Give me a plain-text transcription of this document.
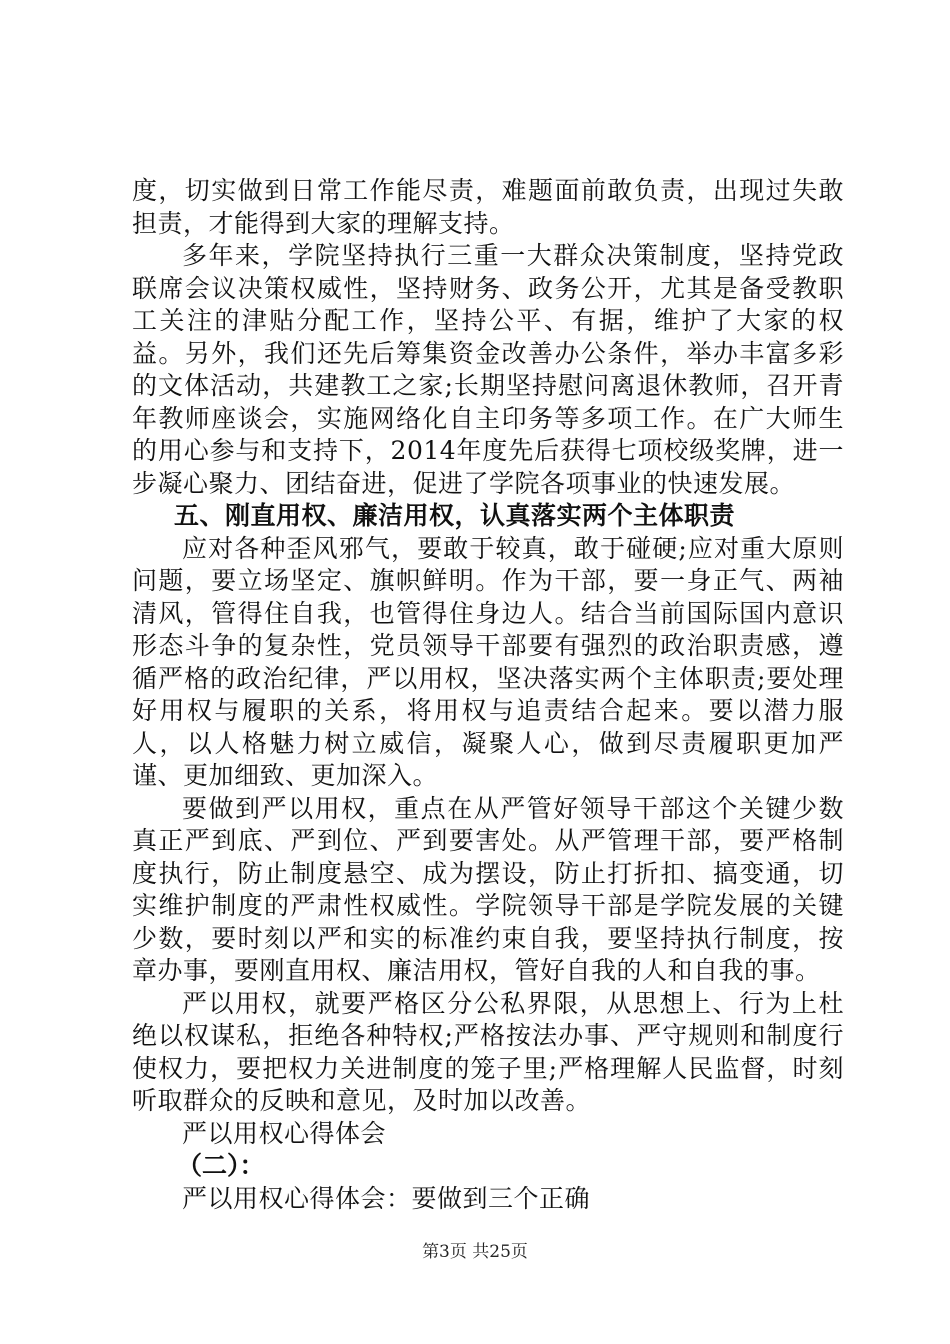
度，切实做到日常工作能尽责，难题面前敢负责，出现过失敢担责，才能得到大家的理解支持。

多年来，学院坚持执行三重一大群众决策制度，坚持党政联席会议决策权威性，坚持财务、政务公开，尤其是备受教职工关注的津贴分配工作，坚持公平、有据，维护了大家的权益。另外，我们还先后筹集资金改善办公条件，举办丰富多彩的文体活动，共建教工之家;长期坚持慰问离退休教师，召开青年教师座谈会，实施网络化自主印务等多项工作。在广大师生的用心参与和支持下，2014年度先后获得七项校级奖牌，进一步凝心聚力、团结奋进，促进了学院各项事业的快速发展。

五、刚直用权、廉洁用权，认真落实两个主体职责

应对各种歪风邪气，要敢于较真，敢于碰硬;应对重大原则问题，要立场坚定、旗帜鲜明。作为干部，要一身正气、两袖清风，管得住自我，也管得住身边人。结合当前国际国内意识形态斗争的复杂性，党员领导干部要有强烈的政治职责感，遵循严格的政治纪律，严以用权，坚决落实两个主体职责;要处理好用权与履职的关系，将用权与追责结合起来。要以潜力服人，以人格魅力树立威信，凝聚人心，做到尽责履职更加严谨、更加细致、更加深入。

要做到严以用权，重点在从严管好领导干部这个关键少数真正严到底、严到位、严到要害处。从严管理干部，要严格制度执行，防止制度悬空、成为摆设，防止打折扣、搞变通，切实维护制度的严肃性权威性。学院领导干部是学院发展的关键少数，要时刻以严和实的标准约束自我，要坚持执行制度，按章办事，要刚直用权、廉洁用权，管好自我的人和自我的事。

严以用权，就要严格区分公私界限，从思想上、行为上杜绝以权谋私，拒绝各种特权;严格按法办事、严守规则和制度行使权力，要把权力关进制度的笼子里;严格理解人民监督，时刻听取群众的反映和意见，及时加以改善。

严以用权心得体会

（二）：

严以用权心得体会：要做到三个正确

第3页 共25页
